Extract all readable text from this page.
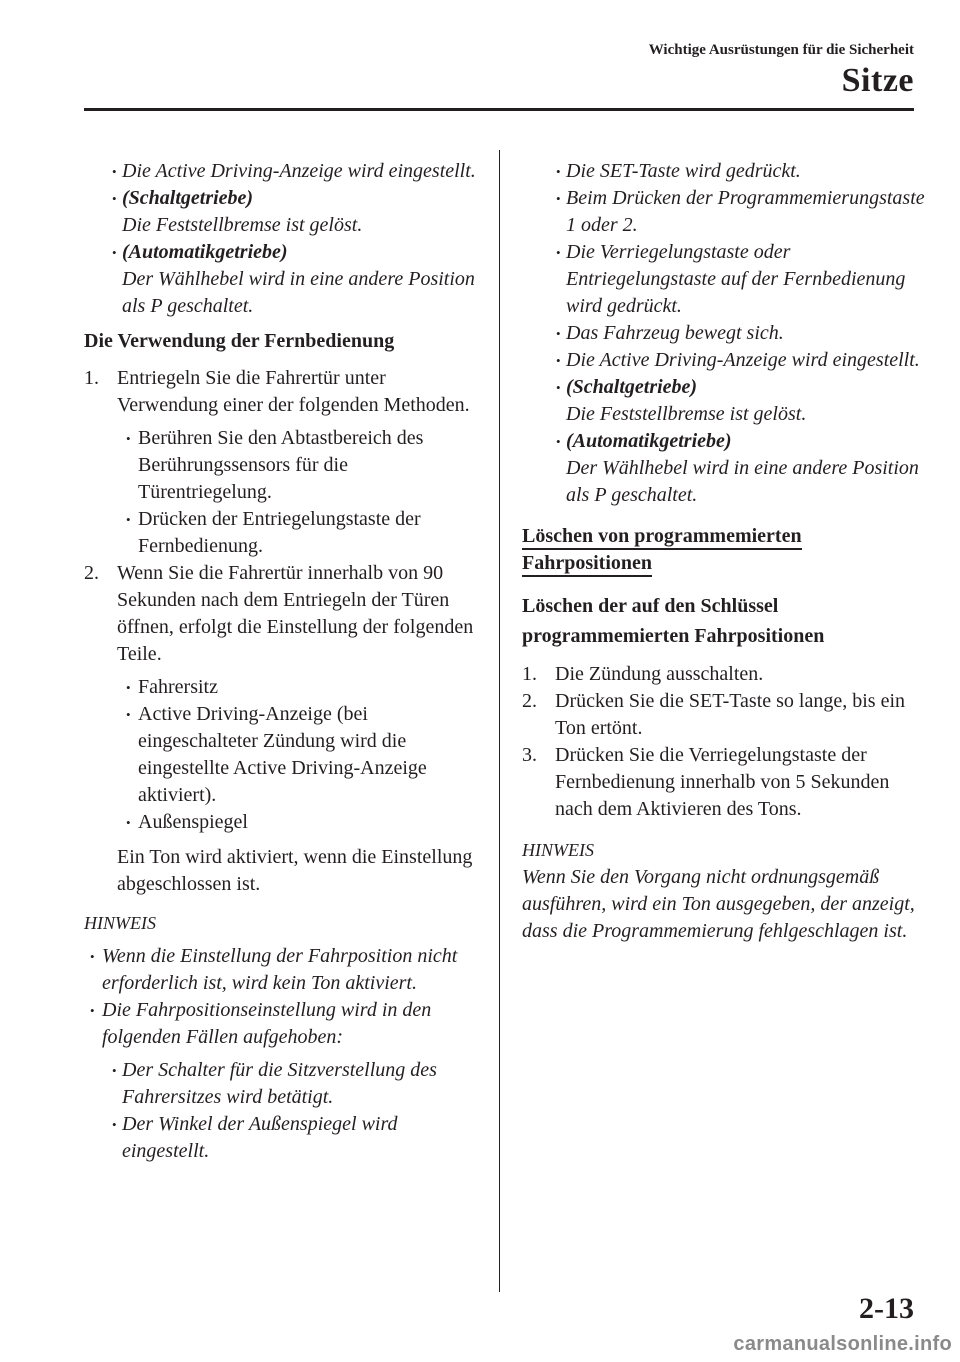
Wichtige Ausrüstungen für die Sicherheit
Sitze
• Die Active Driving-Anzeige wird eingestellt.
• (Schaltgetriebe)
Die Feststellbremse ist gelöst.
• (Automatikgetriebe)
Der Wählhebel wird in eine andere Position als P geschaltet.
Die Verwendung der Fernbedienung
1. Entriegeln Sie die Fahrertür unter Verwendung einer der folgenden Methoden.
• Berühren Sie den Abtastbereich des Berührungssensors für die Türentriegelung.
• Drücken der Entriegelungstaste der Fernbedienung.
2. Wenn Sie die Fahrertür innerhalb von 90 Sekunden nach dem Entriegeln der Türen öffnen, erfolgt die Einstellung der folgenden Teile.
• Fahrersitz
• Active Driving-Anzeige (bei eingeschalteter Zündung wird die eingestellte Active Driving-Anzeige aktiviert).
• Außenspiegel
Ein Ton wird aktiviert, wenn die Einstellung abgeschlossen ist.
HINWEIS
• Wenn die Einstellung der Fahrposition nicht erforderlich ist, wird kein Ton aktiviert.
• Die Fahrpositionseinstellung wird in den folgenden Fällen aufgehoben:
• Der Schalter für die Sitzverstellung des Fahrersitzes wird betätigt.
• Der Winkel der Außenspiegel wird eingestellt.
• Die SET-Taste wird gedrückt.
• Beim Drücken der Programmemierungstaste 1 oder 2.
• Die Verriegelungstaste oder Entriegelungstaste auf der Fernbedienung wird gedrückt.
• Das Fahrzeug bewegt sich.
• Die Active Driving-Anzeige wird eingestellt.
• (Schaltgetriebe)
Die Feststellbremse ist gelöst.
• (Automatikgetriebe)
Der Wählhebel wird in eine andere Position als P geschaltet.
Löschen von programmemierten
Fahrpositionen
Löschen der auf den Schlüssel programmemierten Fahrpositionen
1. Die Zündung ausschalten.
2. Drücken Sie die SET-Taste so lange, bis ein Ton ertönt.
3. Drücken Sie die Verriegelungstaste der Fernbedienung innerhalb von 5 Sekunden nach dem Aktivieren des Tons.
HINWEIS
Wenn Sie den Vorgang nicht ordnungsgemäß ausführen, wird ein Ton ausgegeben, der anzeigt, dass die Programmemierung fehlgeschlagen ist.
2-13
carmanualsonline.info
